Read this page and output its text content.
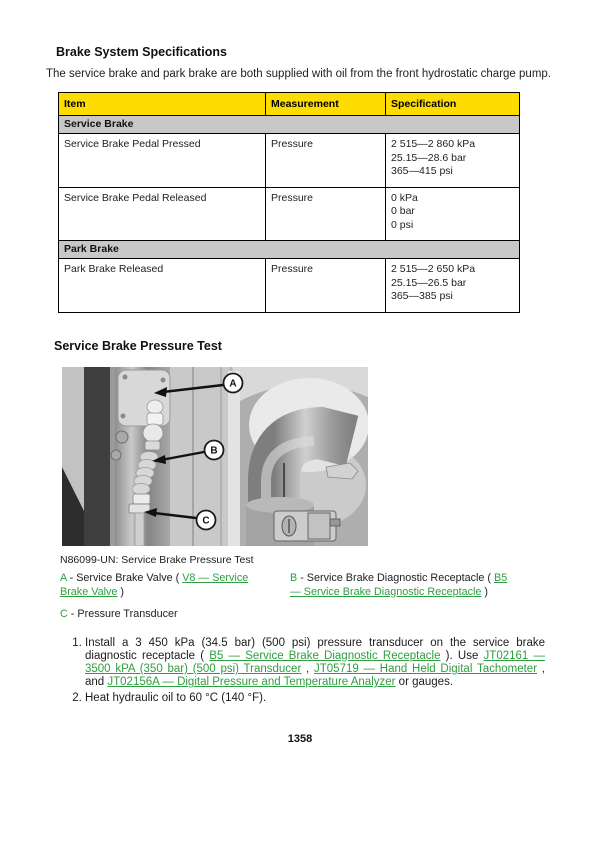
Brake System Specifications

The service brake and park brake are both supplied with oil from the front hydrostatic charge pump.

Item	Measurement	Specification
Service Brake		
Service Brake Pedal Pressed	Pressure	2 515—2 860 kPa
25.15—28.6 bar
365—415 psi

Service Brake Pedal Released	Pressure	0 kPa
0 bar
0 psi

Park Brake		
Park Brake Released	Pressure	2 515—2 650 kPa
25.15—26.5 bar
365—385 psi
Service Brake Pressure Test
A
B
C
N86099-UN: Service Brake Pressure Test
A - Service Brake Valve ( V8 — Service Brake Valve )
B - Service Brake Diagnostic Receptacle ( B5 — Service Brake Diagnostic Receptacle )
C - Pressure Transducer
1. Install a 3 450 kPa (34.5 bar) (500 psi) pressure transducer on the service brake diagnostic receptacle ( B5 — Service Brake Diagnostic Receptacle ). Use JT02161 — 3500 kPA (350 bar) (500 psi) Transducer , JT05719 — Hand Held Digital Tachometer , and JT02156A — Digital Pressure and Temperature Analyzer or gauges.
2. Heat hydraulic oil to 60 °C (140 °F).
1358
